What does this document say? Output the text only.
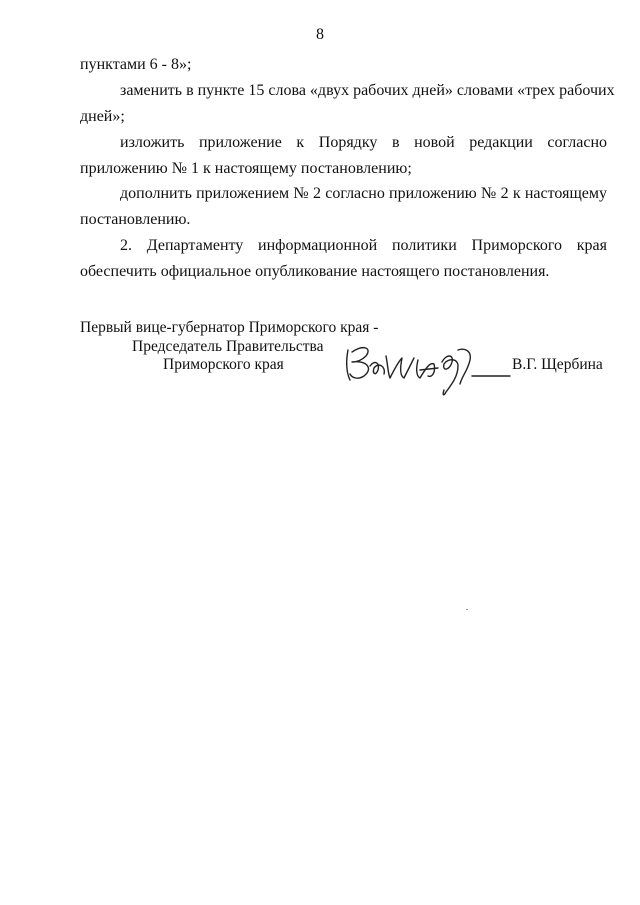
8
пунктами 6 - 8»;
заменить в пункте 15 слова «двух рабочих дней» словами «трех рабочих
дней»;
изложить приложение к Порядку в новой редакции согласно
приложению № 1 к настоящему постановлению;
дополнить приложением № 2 согласно приложению № 2 к настоящему
постановлению.
2. Департаменту информационной политики Приморского края
обеспечить официальное опубликование настоящего постановления.
Первый вице-губернатор Приморского края -
Председатель Правительства
Приморского края	В.Г. Щербина
